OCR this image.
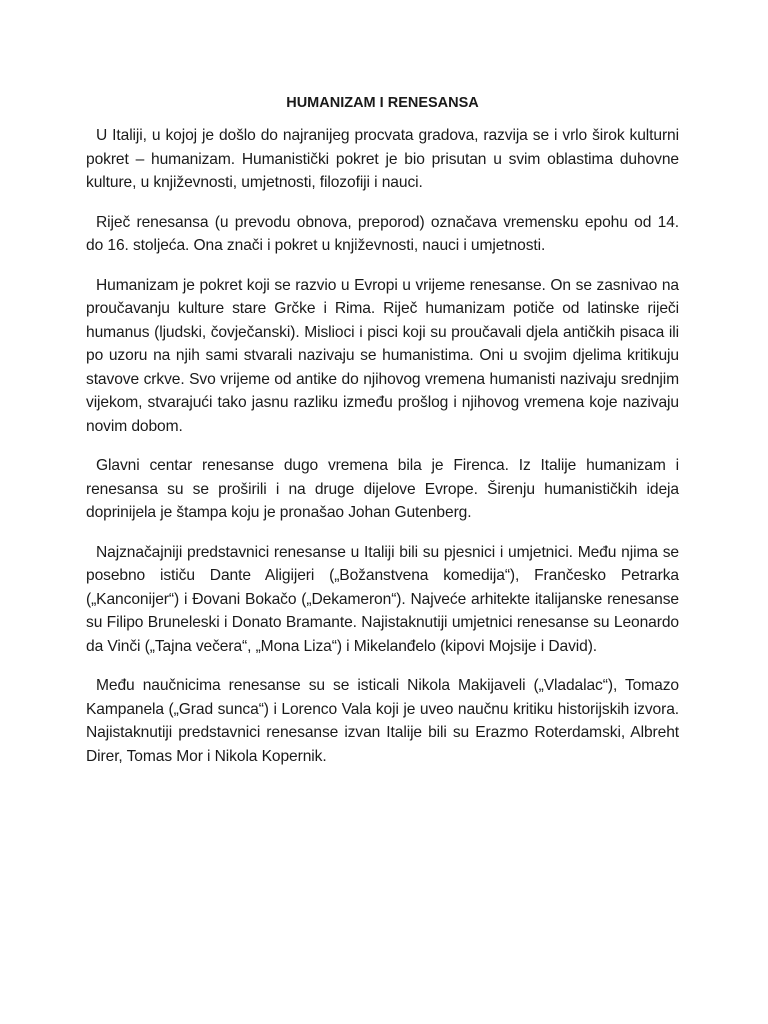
HUMANIZAM I RENESANSA

U Italiji, u kojoj je došlo do najranijeg procvata gradova, razvija se i vrlo širok kulturni pokret – humanizam. Humanistički pokret je bio prisutan u svim oblastima duhovne kulture, u književnosti, umjetnosti, filozofiji i nauci.

Riječ renesansa (u prevodu obnova, preporod) označava vremensku epohu od 14. do 16. stoljeća. Ona znači i pokret u književnosti, nauci i umjetnosti.

Humanizam je pokret koji se razvio u Evropi u vrijeme renesanse. On se zasnivao na proučavanju kulture stare Grčke i Rima. Riječ humanizam potiče od latinske riječi humanus (ljudski, čovječanski). Mislioci i pisci koji su proučavali djela antičkih pisaca ili po uzoru na njih sami stvarali nazivaju se humanistima. Oni u svojim djelima kritikuju stavove crkve. Svo vrijeme od antike do njihovog vremena humanisti nazivaju srednjim vijekom, stvarajući tako jasnu razliku između prošlog i njihovog vremena koje nazivaju novim dobom.

Glavni centar renesanse dugo vremena bila je Firenca. Iz Italije humanizam i renesansa su se proširili i na druge dijelove Evrope. Širenju humanističkih ideja doprinijela je štampa koju je pronašao Johan Gutenberg.

Najznačajniji predstavnici renesanse u Italiji bili su pjesnici i umjetnici. Među njima se posebno ističu Dante Aligijeri („Božanstvena komedija“), Frančesko Petrarka („Kanconijer“) i Đovani Bokačo („Dekameron“). Najveće arhitekte italijanske renesanse su Filipo Bruneleski i Donato Bramante. Najistaknutiji umjetnici renesanse su Leonardo da Vinči („Tajna večera“, „Mona Liza“) i Mikelanđelo (kipovi Mojsije i David).

Među naučnicima renesanse su se isticali Nikola Makijaveli („Vladalac“), Tomazo Kampanela („Grad sunca“) i Lorenco Vala koji je uveo naučnu kritiku historijskih izvora. Najistaknutiji predstavnici renesanse izvan Italije bili su Erazmo Roterdamski, Albreht Direr, Tomas Mor i Nikola Kopernik.
